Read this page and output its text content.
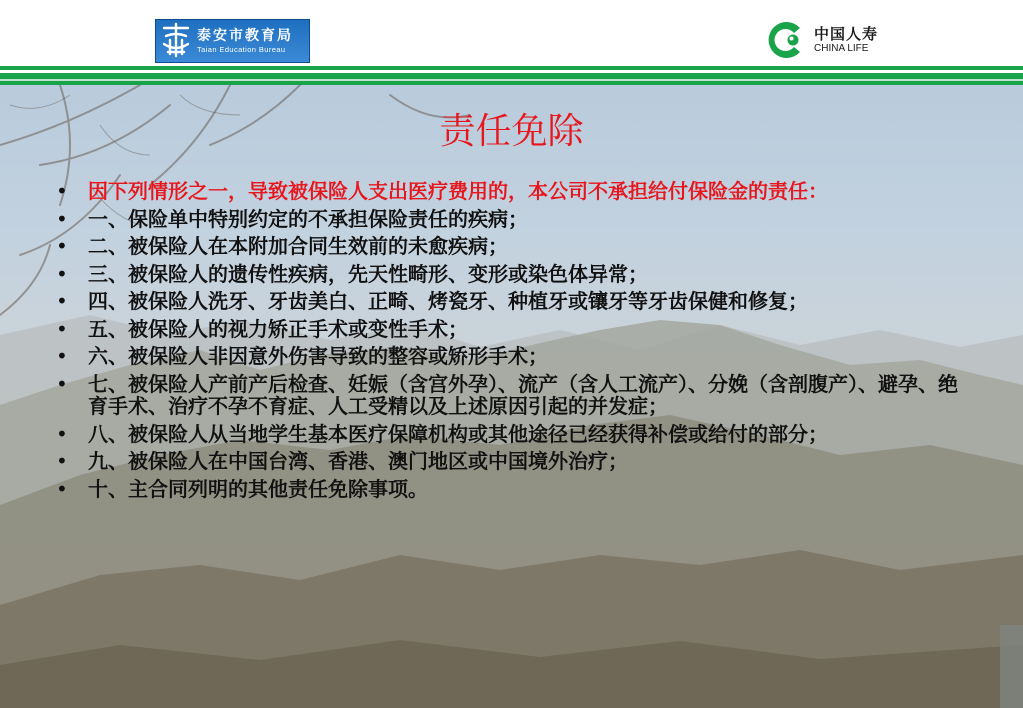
泰安市教育局
Taian Education Bureau
中国人寿
CHINA LIFE
责任免除
• 因下列情形之一，导致被保险人支出医疗费用的，本公司不承担给付保险金的责任：
• 一、保险单中特别约定的不承担保险责任的疾病；
• 二、被保险人在本附加合同生效前的未愈疾病；
• 三、被保险人的遗传性疾病，先天性畸形、变形或染色体异常；
• 四、被保险人洗牙、牙齿美白、正畸、烤瓷牙、种植牙或镶牙等牙齿保健和修复；
• 五、被保险人的视力矫正手术或变性手术；
• 六、被保险人非因意外伤害导致的整容或矫形手术；
• 七、被保险人产前产后检查、妊娠（含宫外孕）、流产（含人工流产）、分娩（含剖腹产）、避孕、绝育手术、治疗不孕不育症、人工受精以及上述原因引起的并发症；
• 八、被保险人从当地学生基本医疗保障机构或其他途径已经获得补偿或给付的部分；
• 九、被保险人在中国台湾、香港、澳门地区或中国境外治疗；
• 十、主合同列明的其他责任免除事项。
